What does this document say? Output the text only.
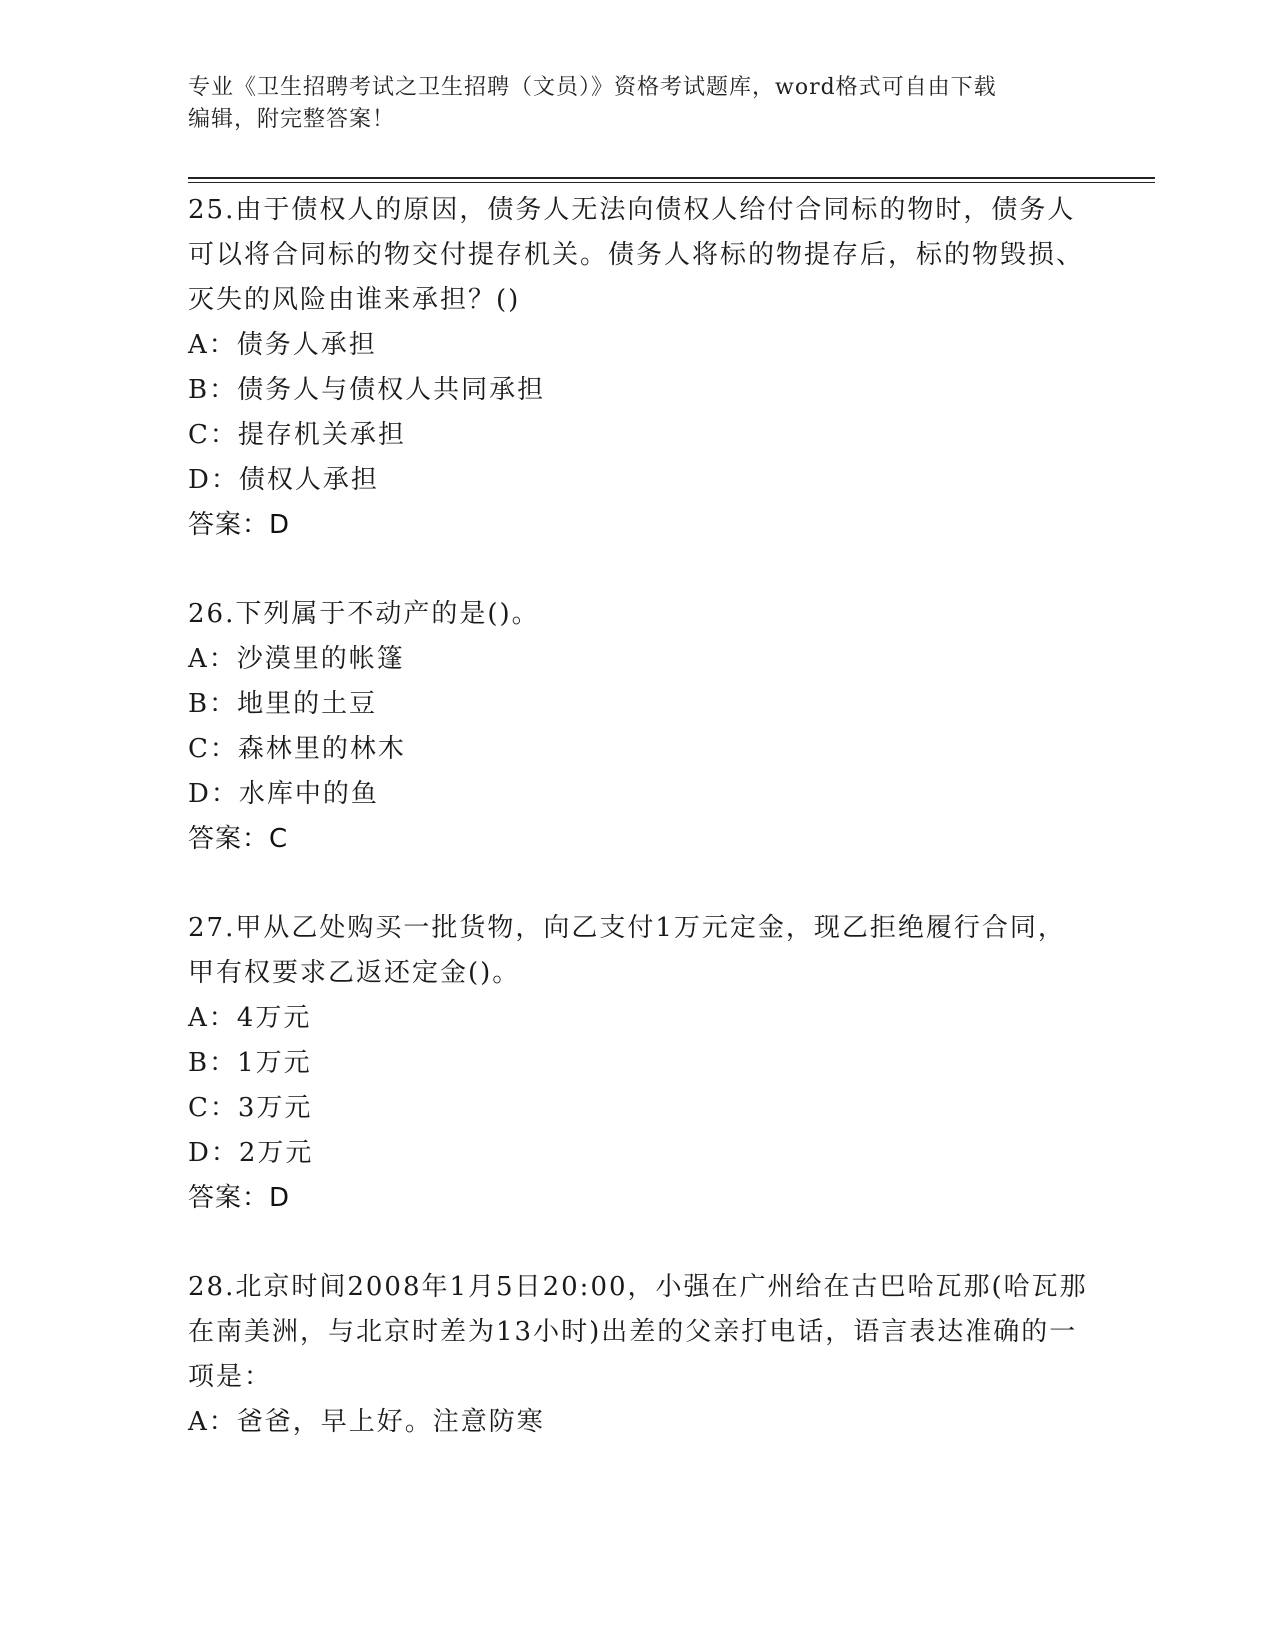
专业《卫生招聘考试之卫生招聘（文员）》资格考试题库，word格式可自由下载
编辑，附完整答案！
25.由于债权人的原因，债务人无法向债权人给付合同标的物时，债务人可以将合同标的物交付提存机关。债务人将标的物提存后，标的物毁损、灭失的风险由谁来承担？()
A：债务人承担
B：债务人与债权人共同承担
C：提存机关承担
D：债权人承担
答案：D
26.下列属于不动产的是()。
A：沙漠里的帐篷
B：地里的土豆
C：森林里的林木
D：水库中的鱼
答案：C
27.甲从乙处购买一批货物，向乙支付1万元定金，现乙拒绝履行合同，甲有权要求乙返还定金()。
A：4万元
B：1万元
C：3万元
D：2万元
答案：D
28.北京时间2008年1月5日20:00，小强在广州给在古巴哈瓦那(哈瓦那在南美洲，与北京时差为13小时)出差的父亲打电话，语言表达准确的一项是：
A：爸爸，早上好。注意防寒
